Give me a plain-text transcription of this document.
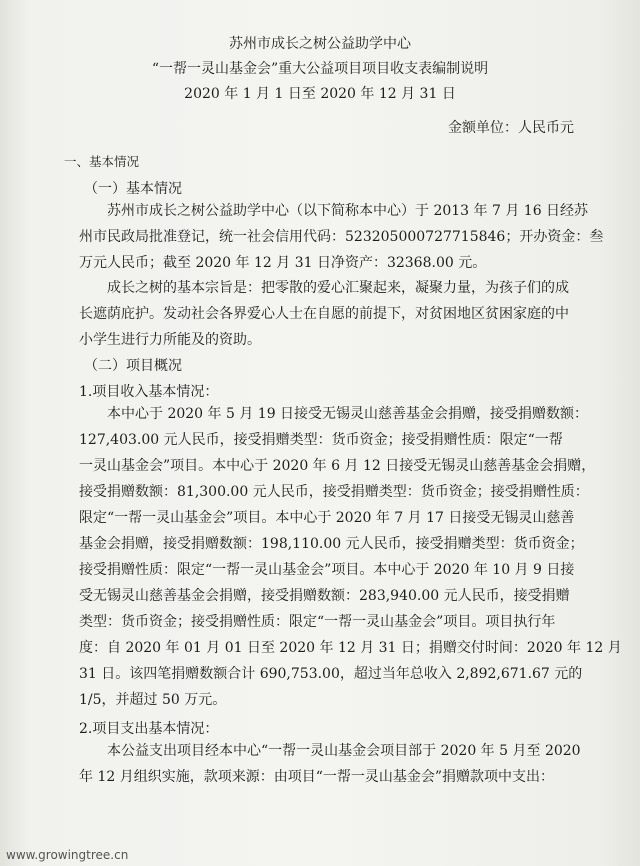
苏州市成长之树公益助学中心
“一帮一灵山基金会”重大公益项目项目收支表编制说明
2020 年 1 月 1 日至 2020 年 12 月 31 日
金额单位：人民币元
一、基本情况
（一）基本情况
苏州市成长之树公益助学中心（以下简称本中心）于 2013 年 7 月 16 日经苏
州市民政局批准登记，统一社会信用代码：523205000727715846；开办资金：叁
万元人民币；截至 2020 年 12 月 31 日净资产：32368.00 元。
成长之树的基本宗旨是：把零散的爱心汇聚起来，凝聚力量，为孩子们的成
长遮荫庇护。发动社会各界爱心人士在自愿的前提下，对贫困地区贫困家庭的中
小学生进行力所能及的资助。
（二）项目概况
1.项目收入基本情况：
本中心于 2020 年 5 月 19 日接受无锡灵山慈善基金会捐赠，接受捐赠数额：
127,403.00 元人民币，接受捐赠类型：货币资金；接受捐赠性质：限定“一帮
一灵山基金会”项目。本中心于 2020 年 6 月 12 日接受无锡灵山慈善基金会捐赠，
接受捐赠数额：81,300.00 元人民币，接受捐赠类型：货币资金；接受捐赠性质：
限定“一帮一灵山基金会”项目。本中心于 2020 年 7 月 17 日接受无锡灵山慈善
基金会捐赠，接受捐赠数额：198,110.00 元人民币，接受捐赠类型：货币资金；
接受捐赠性质：限定“一帮一灵山基金会”项目。本中心于 2020 年 10 月 9 日接
受无锡灵山慈善基金会捐赠，接受捐赠数额：283,940.00 元人民币，接受捐赠
类型：货币资金；接受捐赠性质：限定“一帮一灵山基金会”项目。项目执行年
度：自 2020 年 01 月 01 日至 2020 年 12 月 31 日；捐赠交付时间：2020 年 12 月
31 日。该四笔捐赠数额合计 690,753.00，超过当年总收入 2,892,671.67 元的
1/5，并超过 50 万元。
2.项目支出基本情况：
本公益支出项目经本中心“一帮一灵山基金会项目部于 2020 年 5 月至 2020
年 12 月组织实施，款项来源：由项目“一帮一灵山基金会”捐赠款项中支出：
www.growingtree.cn
